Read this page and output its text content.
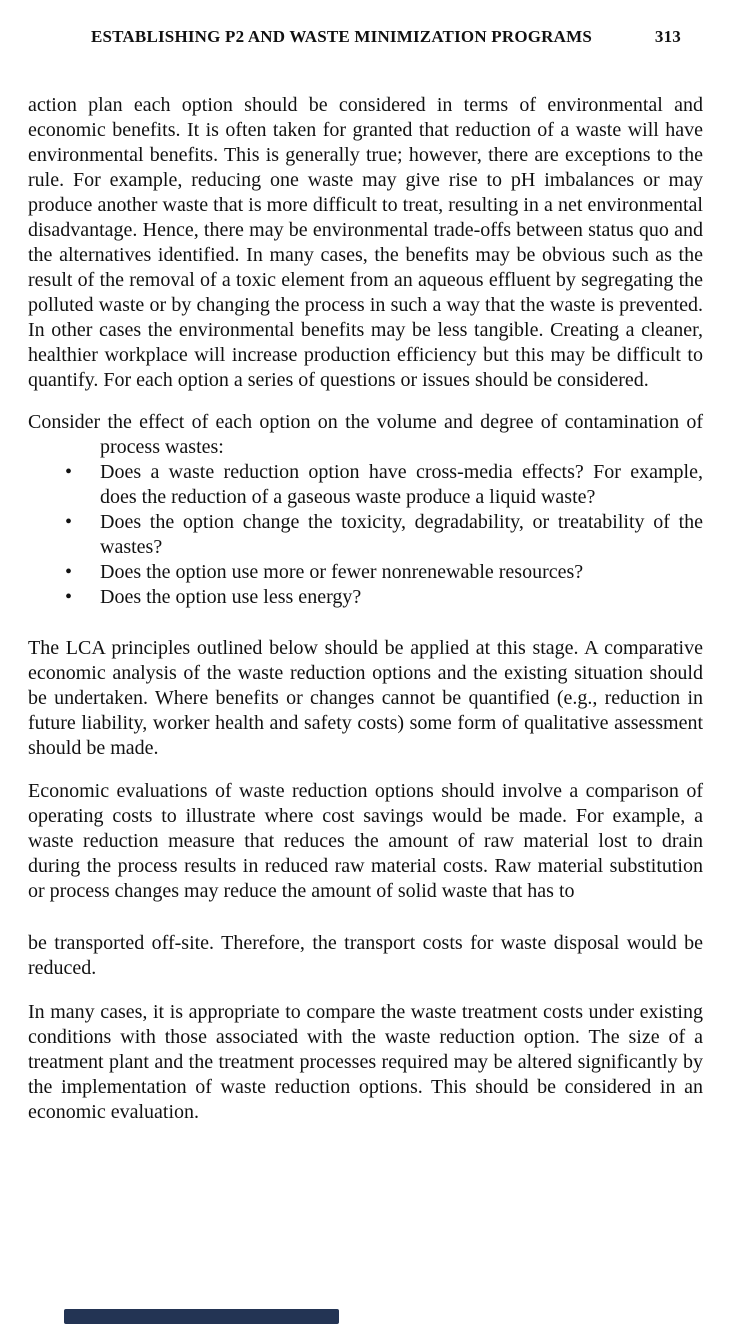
ESTABLISHING P2 AND WASTE MINIMIZATION PROGRAMS	313

action plan each option should be considered in terms of environmental and economic benefits. It is often taken for granted that reduction of a waste will have environmental benefits. This is generally true; however, there are exceptions to the rule. For example, reducing one waste may give rise to pH imbalances or may produce another waste that is more difficult to treat, resulting in a net environmental disadvantage. Hence, there may be environmental trade-offs between status quo and the alternatives identified. In many cases, the benefits may be obvious such as the result of the removal of a toxic element from an aqueous effluent by segregating the polluted waste or by changing the process in such a way that the waste is prevented. In other cases the environmental benefits may be less tangible. Creating a cleaner, healthier workplace will increase production efficiency but this may be difficult to quantify. For each option a series of questions or issues should be considered.

Consider the effect of each option on the volume and degree of contamination of
process wastes:
• Does a waste reduction option have cross-media effects? For example, does the reduction of a gaseous waste produce a liquid waste?
• Does the option change the toxicity, degradability, or treatability of the wastes?
• Does the option use more or fewer nonrenewable resources?
• Does the option use less energy?

The LCA principles outlined below should be applied at this stage. A comparative economic analysis of the waste reduction options and the existing situation should be undertaken. Where benefits or changes cannot be quantified (e.g., reduction in future liability, worker health and safety costs) some form of qualitative assessment should be made.

Economic evaluations of waste reduction options should involve a comparison of operating costs to illustrate where cost savings would be made. For example, a waste reduction measure that reduces the amount of raw material lost to drain during the process results in reduced raw material costs. Raw material substitution or process changes may reduce the amount of solid waste that has to

be transported off-site. Therefore, the transport costs for waste disposal would be reduced.

In many cases, it is appropriate to compare the waste treatment costs under existing conditions with those associated with the waste reduction option. The size of a treatment plant and the treatment processes required may be altered significantly by the implementation of waste reduction options. This should be considered in an economic evaluation.
